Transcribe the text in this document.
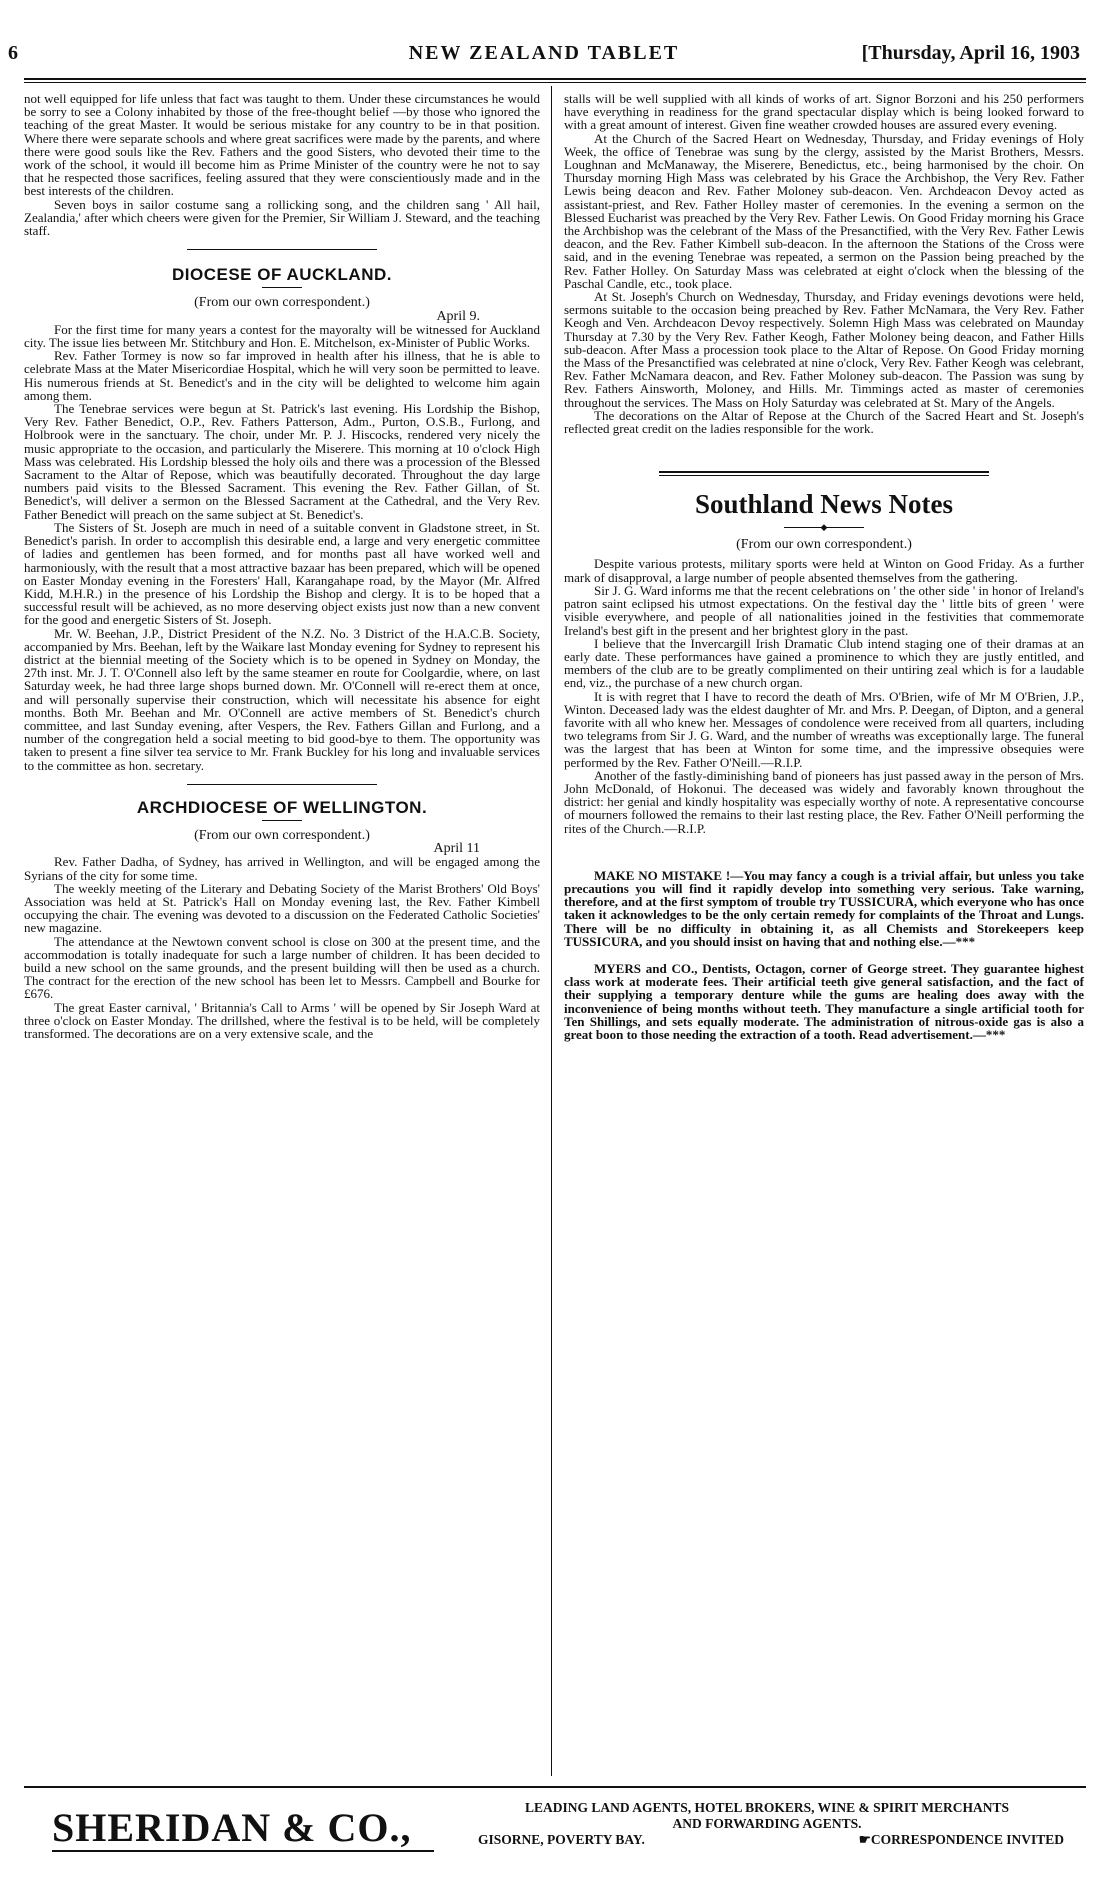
6	NEW ZEALAND TABLET	[Thursday, April 16, 1903

not well equipped for life unless that fact was taught to them. Under these circumstances he would be sorry to see a Colony inhabited by those of the free-thought belief —by those who ignored the teaching of the great Master. It would be serious mistake for any country to be in that position. Where there were separate schools and where great sacrifices were made by the parents, and where there were good souls like the Rev. Fathers and the good Sisters, who devoted their time to the work of the school, it would ill become him as Prime Minister of the country were he not to say that he respected those sacrifices, feeling assured that they were conscientiously made and in the best interests of the children.

Seven boys in sailor costume sang a rollicking song, and the children sang ' All hail, Zealandia,' after which cheers were given for the Premier, Sir William J. Steward, and the teaching staff.

DIOCESE OF AUCKLAND.
(From our own correspondent.)
April 9.

For the first time for many years a contest for the mayoralty will be witnessed for Auckland city. The issue lies between Mr. Stitchbury and Hon. E. Mitchelson, ex-Minister of Public Works.

Rev. Father Tormey is now so far improved in health after his illness, that he is able to celebrate Mass at the Mater Misericordiae Hospital, which he will very soon be permitted to leave. His numerous friends at St. Benedict's and in the city will be delighted to welcome him again among them.

The Tenebrae services were begun at St. Patrick's last evening. His Lordship the Bishop, Very Rev. Father Benedict, O.P., Rev. Fathers Patterson, Adm., Purton, O.S.B., Furlong, and Holbrook were in the sanctuary. The choir, under Mr. P. J. Hiscocks, rendered very nicely the music appropriate to the occasion, and particularly the Miserere. This morning at 10 o'clock High Mass was celebrated. His Lordship blessed the holy oils and there was a procession of the Blessed Sacrament to the Altar of Repose, which was beautifully decorated. Throughout the day large numbers paid visits to the Blessed Sacrament. This evening the Rev. Father Gillan, of St. Benedict's, will deliver a sermon on the Blessed Sacrament at the Cathedral, and the Very Rev. Father Benedict will preach on the same subject at St. Benedict's.

The Sisters of St. Joseph are much in need of a suitable convent in Gladstone street, in St. Benedict's parish. In order to accomplish this desirable end, a large and very energetic committee of ladies and gentlemen has been formed, and for months past all have worked well and harmoniously, with the result that a most attractive bazaar has been prepared, which will be opened on Easter Monday evening in the Foresters' Hall, Karangahape road, by the Mayor (Mr. Alfred Kidd, M.H.R.) in the presence of his Lordship the Bishop and clergy. It is to be hoped that a successful result will be achieved, as no more deserving object exists just now than a new convent for the good and energetic Sisters of St. Joseph.

Mr. W. Beehan, J.P., District President of the N.Z. No. 3 District of the H.A.C.B. Society, accompanied by Mrs. Beehan, left by the Waikare last Monday evening for Sydney to represent his district at the biennial meeting of the Society which is to be opened in Sydney on Monday, the 27th inst. Mr. J. T. O'Connell also left by the same steamer en route for Coolgardie, where, on last Saturday week, he had three large shops burned down. Mr. O'Connell will re-erect them at once, and will personally supervise their construction, which will necessitate his absence for eight months. Both Mr. Beehan and Mr. O'Connell are active members of St. Benedict's church committee, and last Sunday evening, after Vespers, the Rev. Fathers Gillan and Furlong, and a number of the congregation held a social meeting to bid good-bye to them. The opportunity was taken to present a fine silver tea service to Mr. Frank Buckley for his long and invaluable services to the committee as hon. secretary.

ARCHDIOCESE OF WELLINGTON.
(From our own correspondent.)
April 11

Rev. Father Dadha, of Sydney, has arrived in Wellington, and will be engaged among the Syrians of the city for some time.

The weekly meeting of the Literary and Debating Society of the Marist Brothers' Old Boys' Association was held at St. Patrick's Hall on Monday evening last, the Rev. Father Kimbell occupying the chair. The evening was devoted to a discussion on the Federated Catholic Societies' new magazine.

The attendance at the Newtown convent school is close on 300 at the present time, and the accommodation is totally inadequate for such a large number of children. It has been decided to build a new school on the same grounds, and the present building will then be used as a church. The contract for the erection of the new school has been let to Messrs. Campbell and Bourke for £676.

The great Easter carnival, ' Britannia's Call to Arms ' will be opened by Sir Joseph Ward at three o'clock on Easter Monday. The drillshed, where the festival is to be held, will be completely transformed. The decorations are on a very extensive scale, and the

stalls will be well supplied with all kinds of works of art. Signor Borzoni and his 250 performers have everything in readiness for the grand spectacular display which is being looked forward to with a great amount of interest. Given fine weather crowded houses are assured every evening.

At the Church of the Sacred Heart on Wednesday, Thursday, and Friday evenings of Holy Week, the office of Tenebrae was sung by the clergy, assisted by the Marist Brothers, Messrs. Loughnan and McManaway, the Miserere, Benedictus, etc., being harmonised by the choir. On Thursday morning High Mass was celebrated by his Grace the Archbishop, the Very Rev. Father Lewis being deacon and Rev. Father Moloney sub-deacon. Ven. Archdeacon Devoy acted as assistant-priest, and Rev. Father Holley master of ceremonies. In the evening a sermon on the Blessed Eucharist was preached by the Very Rev. Father Lewis. On Good Friday morning his Grace the Archbishop was the celebrant of the Mass of the Presanctified, with the Very Rev. Father Lewis deacon, and the Rev. Father Kimbell sub-deacon. In the afternoon the Stations of the Cross were said, and in the evening Tenebrae was repeated, a sermon on the Passion being preached by the Rev. Father Holley. On Saturday Mass was celebrated at eight o'clock when the blessing of the Paschal Candle, etc., took place.

At St. Joseph's Church on Wednesday, Thursday, and Friday evenings devotions were held, sermons suitable to the occasion being preached by Rev. Father McNamara, the Very Rev. Father Keogh and Ven. Archdeacon Devoy respectively. Solemn High Mass was celebrated on Maunday Thursday at 7.30 by the Very Rev. Father Keogh, Father Moloney being deacon, and Father Hills sub-deacon. After Mass a procession took place to the Altar of Repose. On Good Friday morning the Mass of the Presanctified was celebrated at nine o'clock, Very Rev. Father Keogh was celebrant, Rev. Father McNamara deacon, and Rev. Father Moloney sub-deacon. The Passion was sung by Rev. Fathers Ainsworth, Moloney, and Hills. Mr. Timmings acted as master of ceremonies throughout the services. The Mass on Holy Saturday was celebrated at St. Mary of the Angels.

The decorations on the Altar of Repose at the Church of the Sacred Heart and St. Joseph's reflected great credit on the ladies responsible for the work.

Southland News Notes
◆
(From our own correspondent.)

Despite various protests, military sports were held at Winton on Good Friday. As a further mark of disapproval, a large number of people absented themselves from the gathering.

Sir J. G. Ward informs me that the recent celebrations on ' the other side ' in honor of Ireland's patron saint eclipsed his utmost expectations. On the festival day the ' little bits of green ' were visible everywhere, and people of all nationalities joined in the festivities that commemorate Ireland's best gift in the present and her brightest glory in the past.

I believe that the Invercargill Irish Dramatic Club intend staging one of their dramas at an early date. These performances have gained a prominence to which they are justly entitled, and members of the club are to be greatly complimented on their untiring zeal which is for a laudable end, viz., the purchase of a new church organ.

It is with regret that I have to record the death of Mrs. O'Brien, wife of Mr M O'Brien, J.P., Winton. Deceased lady was the eldest daughter of Mr. and Mrs. P. Deegan, of Dipton, and a general favorite with all who knew her. Messages of condolence were received from all quarters, including two telegrams from Sir J. G. Ward, and the number of wreaths was exceptionally large. The funeral was the largest that has been at Winton for some time, and the impressive obsequies were performed by the Rev. Father O'Neill.—R.I.P.

Another of the fastly-diminishing band of pioneers has just passed away in the person of Mrs. John McDonald, of Hokonui. The deceased was widely and favorably known throughout the district: her genial and kindly hospitality was especially worthy of note. A representative concourse of mourners followed the remains to their last resting place, the Rev. Father O'Neill performing the rites of the Church.—R.I.P.

MAKE NO MISTAKE !—You may fancy a cough is a trivial affair, but unless you take precautions you will find it rapidly develop into something very serious. Take warning, therefore, and at the first symptom of trouble try TUSSICURA, which everyone who has once taken it acknowledges to be the only certain remedy for complaints of the Throat and Lungs. There will be no difficulty in obtaining it, as all Chemists and Storekeepers keep TUSSICURA, and you should insist on having that and nothing else.—***

MYERS and CO., Dentists, Octagon, corner of George street. They guarantee highest class work at moderate fees. Their artificial teeth give general satisfaction, and the fact of their supplying a temporary denture while the gums are healing does away with the inconvenience of being months without teeth. They manufacture a single artificial tooth for Ten Shillings, and sets equally moderate. The administration of nitrous-oxide gas is also a great boon to those needing the extraction of a tooth. Read advertisement.—***

SHERIDAN & CO.,	LEADING LAND AGENTS, HOTEL BROKERS, WINE & SPIRIT MERCHANTS
AND FORWARDING AGENTS.
GISORNE, POVERTY BAY.	☛CORRESPONDENCE INVITED
